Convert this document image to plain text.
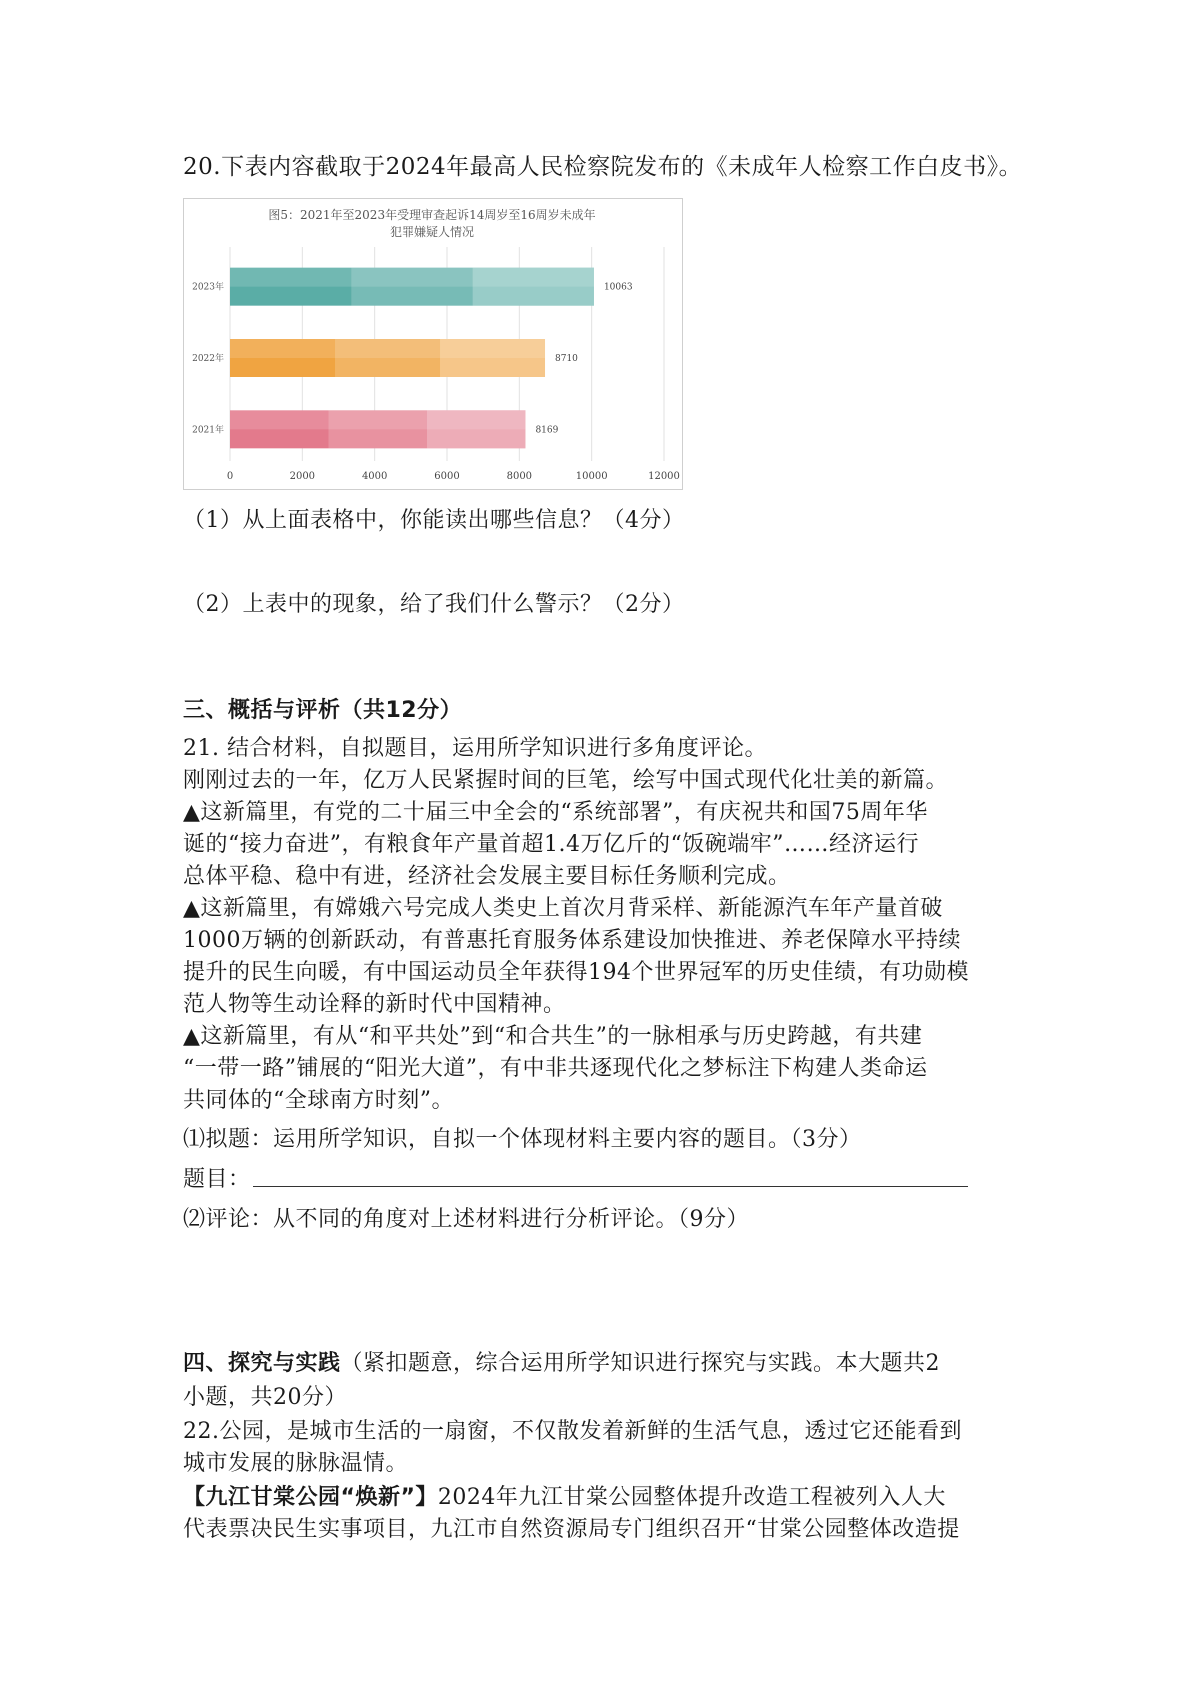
20.下表内容截取于2024年最高人民检察院发布的《未成年人检察工作白皮书》。
图5：2021年至2023年受理审查起诉14周岁至16周岁未成年
犯罪嫌疑人情况
2023年	10063
2022年	8710
2021年	8169
0	2000	4000	6000	8000	10000	12000
（1）从上面表格中，你能读出哪些信息？（4分）
（2）上表中的现象，给了我们什么警示？（2分）
三、概括与评析（共12分）
21. 结合材料，自拟题目，运用所学知识进行多角度评论。
刚刚过去的一年，亿万人民紧握时间的巨笔，绘写中国式现代化壮美的新篇。
▲这新篇里，有党的二十届三中全会的“系统部署”，有庆祝共和国75周年华
诞的“接力奋进”，有粮食年产量首超1.4万亿斤的“饭碗端牢”……经济运行
总体平稳、稳中有进，经济社会发展主要目标任务顺利完成。
▲这新篇里，有嫦娥六号完成人类史上首次月背采样、新能源汽车年产量首破
1000万辆的创新跃动，有普惠托育服务体系建设加快推进、养老保障水平持续
提升的民生向暖，有中国运动员全年获得194个世界冠军的历史佳绩，有功勋模
范人物等生动诠释的新时代中国精神。
▲这新篇里，有从“和平共处”到“和合共生”的一脉相承与历史跨越，有共建
“一带一路”铺展的“阳光大道”，有中非共逐现代化之梦标注下构建人类命运
共同体的“全球南方时刻”。
⑴拟题：运用所学知识，自拟一个体现材料主要内容的题目。（3分）
题目：
⑵评论：从不同的角度对上述材料进行分析评论。（9分）
四、探究与实践（紧扣题意，综合运用所学知识进行探究与实践。本大题共2
小题，共20分）
22.公园，是城市生活的一扇窗，不仅散发着新鲜的生活气息，透过它还能看到
城市发展的脉脉温情。
【九江甘棠公园“焕新”】2024年九江甘棠公园整体提升改造工程被列入人大
代表票决民生实事项目，九江市自然资源局专门组织召开“甘棠公园整体改造提
